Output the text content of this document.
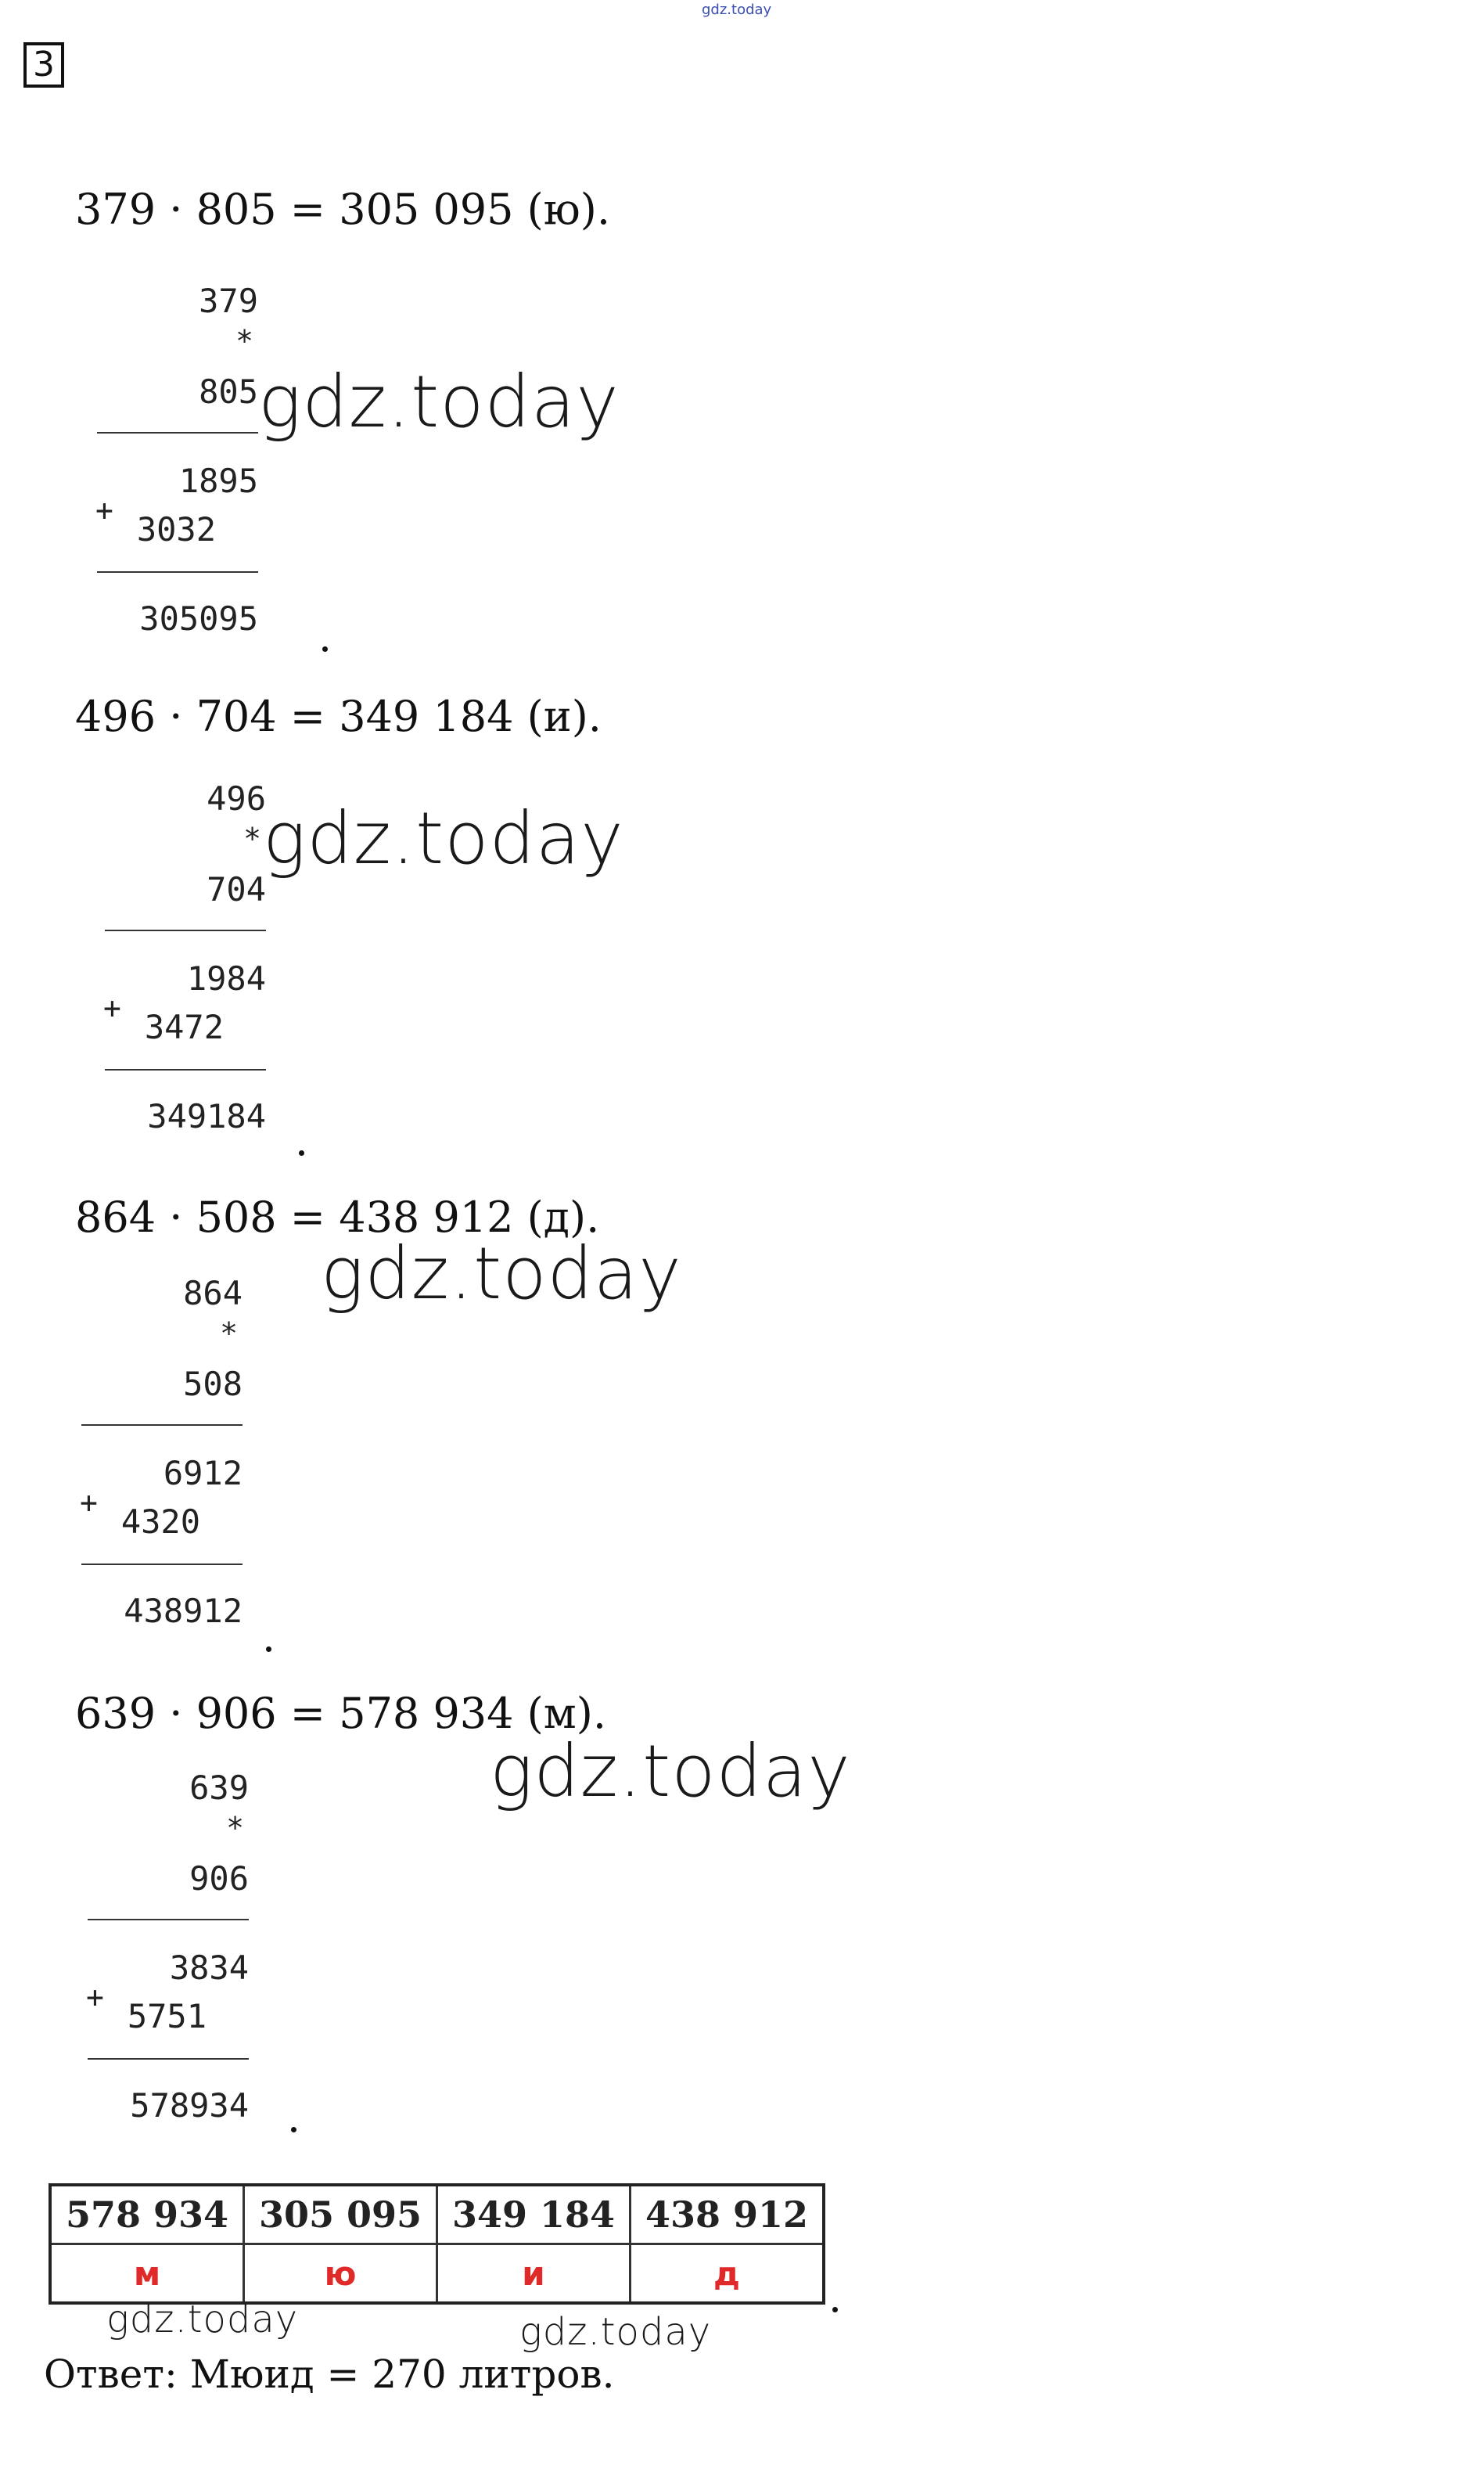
gdz.today
3
379 · 805 = 305 095 (ю).
379
*
805
1895
+ 3032
305095
gdz.today
496 · 704 = 349 184 (и).
496
*
704
1984
+ 3472
349184
gdz.today
864 · 508 = 438 912 (д).
864
*
508
6912
+ 4320
438912
gdz.today
639 · 906 = 578 934 (м).
639
*
906
3834
+ 5751
578934
gdz.today
578 934	305 095	349 184	438 912
м	ю	и	д
gdz.today	gdz.today
Ответ: Мюид = 270 литров.
